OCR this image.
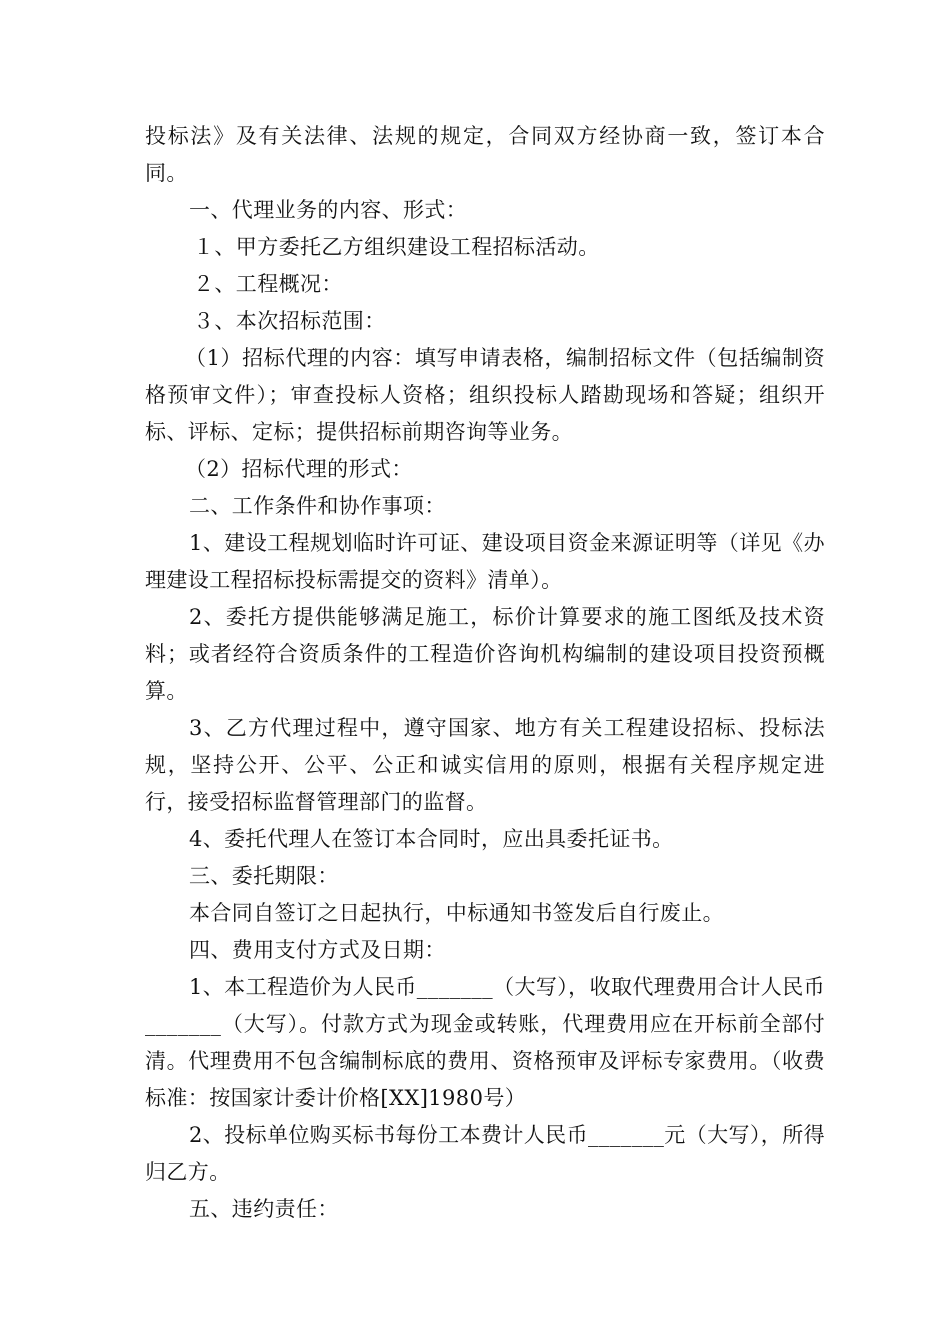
投标法》及有关法律、法规的规定，合同双方经协商一致，签订本合同。

一、代理业务的内容、形式：

１、甲方委托乙方组织建设工程招标活动。

２、工程概况：

３、本次招标范围：

（1）招标代理的内容：填写申请表格，编制招标文件（包括编制资格预审文件）；审查投标人资格；组织投标人踏勘现场和答疑；组织开标、评标、定标；提供招标前期咨询等业务。

（2）招标代理的形式：

二、工作条件和协作事项：

1、建设工程规划临时许可证、建设项目资金来源证明等（详见《办理建设工程招标投标需提交的资料》清单）。

2、委托方提供能够满足施工，标价计算要求的施工图纸及技术资料；或者经符合资质条件的工程造价咨询机构编制的建设项目投资预概算。

3、乙方代理过程中，遵守国家、地方有关工程建设招标、投标法规，坚持公开、公平、公正和诚实信用的原则，根据有关程序规定进行，接受招标监督管理部门的监督。

4、委托代理人在签订本合同时，应出具委托证书。

三、委托期限：

本合同自签订之日起执行，中标通知书签发后自行废止。

四、费用支付方式及日期：

1、本工程造价为人民币_______（大写），收取代理费用合计人民币_______（大写）。付款方式为现金或转账，代理费用应在开标前全部付清。代理费用不包含编制标底的费用、资格预审及评标专家费用。（收费标准：按国家计委计价格[XX]1980号）

2、投标单位购买标书每份工本费计人民币_______元（大写），所得归乙方。

五、违约责任：
